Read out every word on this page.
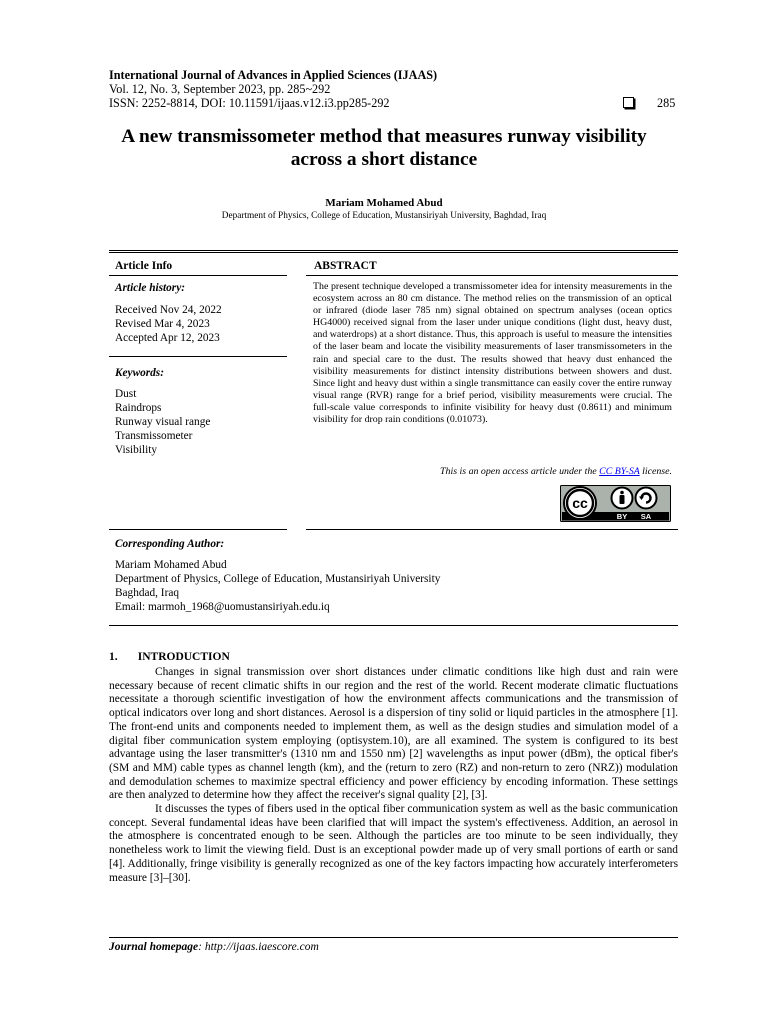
International Journal of Advances in Applied Sciences (IJAAS)
Vol. 12, No. 3, September 2023, pp. 285~292
ISSN: 2252-8814, DOI: 10.11591/ijaas.v12.i3.pp285-292	285
A new transmissometer method that measures runway visibility
across a short distance
Mariam Mohamed Abud
Department of Physics, College of Education, Mustansiriyah University, Baghdad, Iraq
Article Info
Article history:
Received Nov 24, 2022
Revised Mar 4, 2023
Accepted Apr 12, 2023
Keywords:
Dust
Raindrops
Runway visual range
Transmissometer
Visibility
ABSTRACT
The present technique developed a transmissometer idea for intensity measurements in the ecosystem across an 80 cm distance. The method relies on the transmission of an optical or infrared (diode laser 785 nm) signal obtained on spectrum analyses (ocean optics HG4000) received signal from the laser under unique conditions (light dust, heavy dust, and waterdrops) at a short distance. Thus, this approach is useful to measure the intensities of the laser beam and locate the visibility measurements of laser transmissometers in the rain and special care to the dust. The results showed that heavy dust enhanced the visibility measurements for distinct intensity distributions between showers and dust. Since light and heavy dust within a single transmittance can easily cover the entire runway visual range (RVR) range for a brief period, visibility measurements were crucial. The full-scale value corresponds to infinite visibility for heavy dust (0.8611) and minimum visibility for drop rain conditions (0.01073).
This is an open access article under the CC BY-SA license.
cc
BY SA
Corresponding Author:
Mariam Mohamed Abud
Department of Physics, College of Education, Mustansiriyah University
Baghdad, Iraq
Email: marmoh_1968@uomustansiriyah.edu.iq
1.       INTRODUCTION

Changes in signal transmission over short distances under climatic conditions like high dust and rain were necessary because of recent climatic shifts in our region and the rest of the world. Recent moderate climatic fluctuations necessitate a thorough scientific investigation of how the environment affects communications and the transmission of optical indicators over long and short distances. Aerosol is a dispersion of tiny solid or liquid particles in the atmosphere [1]. The front-end units and components needed to implement them, as well as the design studies and simulation model of a digital fiber communication system employing (optisystem.10), are all examined. The system is configured to its best advantage using the laser transmitter's (1310 nm and 1550 nm) [2] wavelengths as input power (dBm), the optical fiber's (SM and MM) cable types as channel length (km), and the (return to zero (RZ) and non-return to zero (NRZ)) modulation and demodulation schemes to maximize spectral efficiency and power efficiency by encoding information. These settings are then analyzed to determine how they affect the receiver's signal quality [2], [3].

It discusses the types of fibers used in the optical fiber communication system as well as the basic communication concept. Several fundamental ideas have been clarified that will impact the system's effectiveness. Addition, an aerosol in the atmosphere is concentrated enough to be seen. Although the particles are too minute to be seen individually, they nonetheless work to limit the viewing field. Dust is an exceptional powder made up of very small portions of earth or sand [4]. Additionally, fringe visibility is generally recognized as one of the key factors impacting how accurately interferometers measure [3]–[30].

Journal homepage: http://ijaas.iaescore.com
